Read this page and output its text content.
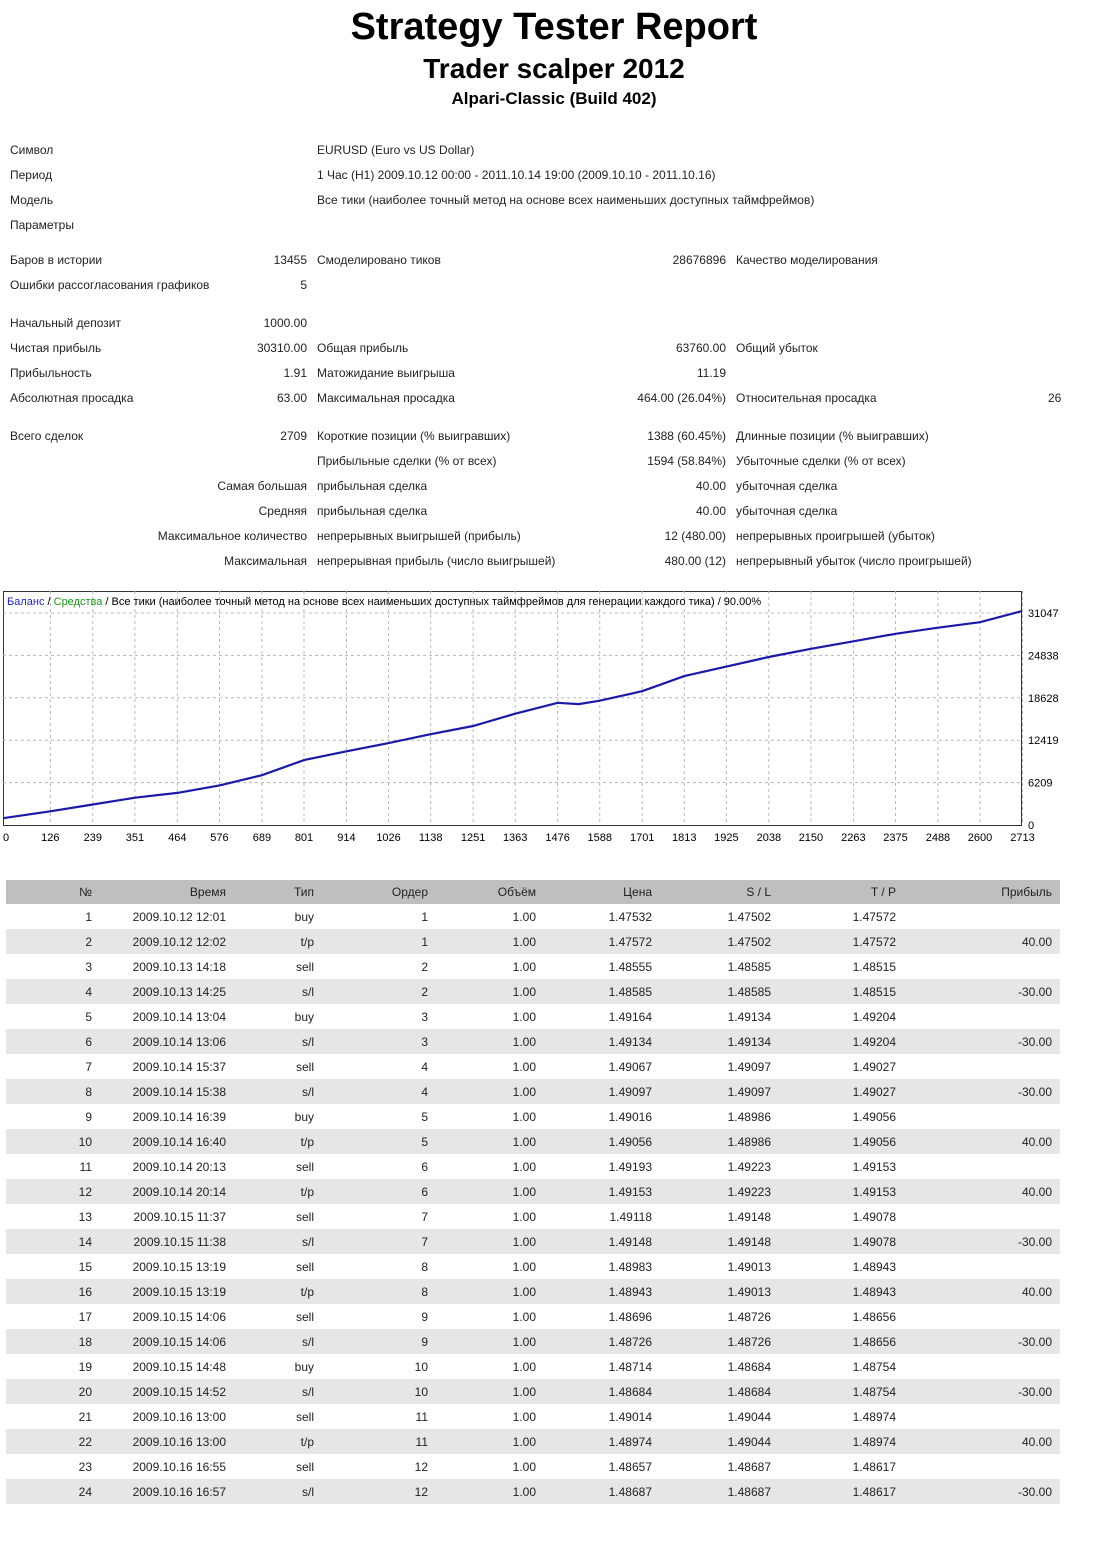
Strategy Tester Report
Trader scalper 2012
Alpari-Classic (Build 402)
Символ	EURUSD (Euro vs US Dollar)
Период	1 Час (H1) 2009.10.12 00:00 - 2011.10.14 19:00 (2009.10.10 - 2011.10.16)
Модель	Все тики (наиболее точный метод на основе всех наименьших доступных таймфреймов)
Параметры
Баров в истории	13455 Смоделировано тиков	28676896 Качество моделирования
Ошибки рассогласования графиков	5
Начальный депозит	1000.00
Чистая прибыль	30310.00 Общая прибыль	63760.00 Общий убыток
Прибыльность	1.91 Матожидание выигрыша	11.19
Абсолютная просадка	63.00 Максимальная просадка	464.00 (26.04%) Относительная просадка	26
Всего сделок	2709 Короткие позиции (% выигравших)	1388 (60.45%) Длинные позиции (% выигравших)
Прибыльные сделки (% от всех)	1594 (58.84%) Убыточные сделки (% от всех)
Самая большая прибыльная сделка	40.00 убыточная сделка
Средняя прибыльная сделка	40.00 убыточная сделка
Максимальное количество непрерывных выигрышей (прибыль)	12 (480.00) непрерывных проигрышей (убыток)
Максимальная непрерывная прибыль (число выигрышей)	480.00 (12) непрерывный убыток (число проигрышей)
0
6209
12419
18628
24838
31047
0	126 239 351 464 576 689 801 914 1026 1138 1251 1363 1476 1588 1701 1813 1925 2038 2150 2263 2375 2488 2600 2713
Баланс / Средства / Все тики (наиболее точный метод на основе всех наименьших доступных таймфреймов для генерации каждого тика) / 90.00%
№	Время	Тип	Ордер	Объём	Цена	S / L	T / P	Прибыль
1	2009.10.12 12:01	buy	1	1.00	1.47532	1.47502	1.47572	
2	2009.10.12 12:02	t/p	1	1.00	1.47572	1.47502	1.47572	40.00
3	2009.10.13 14:18	sell	2	1.00	1.48555	1.48585	1.48515	
4	2009.10.13 14:25	s/l	2	1.00	1.48585	1.48585	1.48515	-30.00
5	2009.10.14 13:04	buy	3	1.00	1.49164	1.49134	1.49204	
6	2009.10.14 13:06	s/l	3	1.00	1.49134	1.49134	1.49204	-30.00
7	2009.10.14 15:37	sell	4	1.00	1.49067	1.49097	1.49027	
8	2009.10.14 15:38	s/l	4	1.00	1.49097	1.49097	1.49027	-30.00
9	2009.10.14 16:39	buy	5	1.00	1.49016	1.48986	1.49056	
10	2009.10.14 16:40	t/p	5	1.00	1.49056	1.48986	1.49056	40.00
11	2009.10.14 20:13	sell	6	1.00	1.49193	1.49223	1.49153	
12	2009.10.14 20:14	t/p	6	1.00	1.49153	1.49223	1.49153	40.00
13	2009.10.15 11:37	sell	7	1.00	1.49118	1.49148	1.49078	
14	2009.10.15 11:38	s/l	7	1.00	1.49148	1.49148	1.49078	-30.00
15	2009.10.15 13:19	sell	8	1.00	1.48983	1.49013	1.48943	
16	2009.10.15 13:19	t/p	8	1.00	1.48943	1.49013	1.48943	40.00
17	2009.10.15 14:06	sell	9	1.00	1.48696	1.48726	1.48656	
18	2009.10.15 14:06	s/l	9	1.00	1.48726	1.48726	1.48656	-30.00
19	2009.10.15 14:48	buy	10	1.00	1.48714	1.48684	1.48754	
20	2009.10.15 14:52	s/l	10	1.00	1.48684	1.48684	1.48754	-30.00
21	2009.10.16 13:00	sell	11	1.00	1.49014	1.49044	1.48974	
22	2009.10.16 13:00	t/p	11	1.00	1.48974	1.49044	1.48974	40.00
23	2009.10.16 16:55	sell	12	1.00	1.48657	1.48687	1.48617	
24	2009.10.16 16:57	s/l	12	1.00	1.48687	1.48687	1.48617	-30.00
